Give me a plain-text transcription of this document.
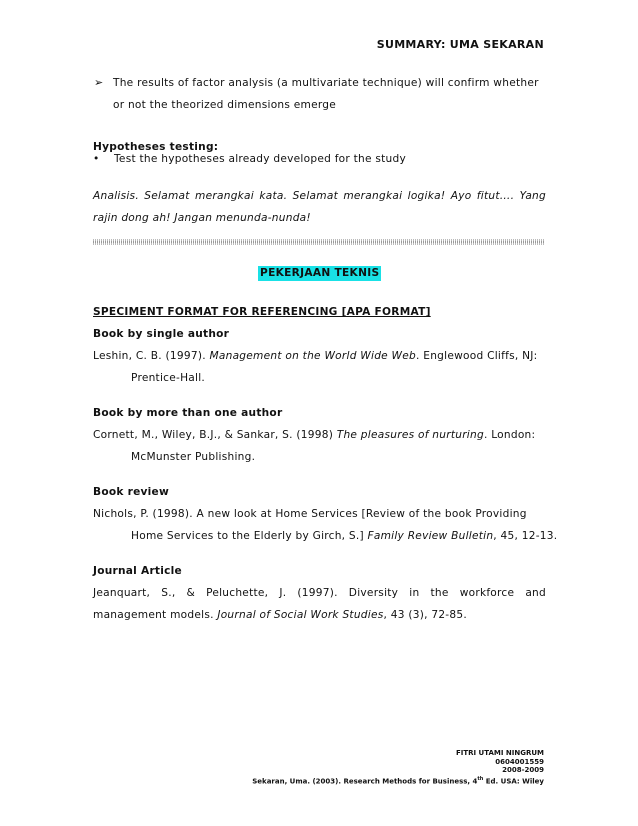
SUMMARY: UMA SEKARAN
➢ The results of factor analysis (a multivariate technique) will confirm whether
or not the theorized dimensions emerge
Hypotheses testing:
• Test the hypotheses already developed for the study
Analisis. Selamat merangkai kata. Selamat merangkai logika! Ayo fitut…. Yang rajin dong ah! Jangan menunda-nunda!
PEKERJAAN TEKNIS
SPECIMENT FORMAT FOR REFERENCING [APA FORMAT]
Book by single author
Leshin, C. B. (1997). Management on the World Wide Web. Englewood Cliffs, NJ:
Prentice-Hall.
Book by more than one author
Cornett, M., Wiley, B.J., & Sankar, S. (1998) The pleasures of nurturing. London:
McMunster Publishing.
Book review
Nichols, P. (1998). A new look at Home Services [Review of the book Providing
Home Services to the Elderly by Girch, S.] Family Review Bulletin, 45, 12-13.
Journal Article
Jeanquart, S., & Peluchette, J. (1997). Diversity in the workforce and management models. Journal of Social Work Studies, 43 (3), 72-85.
FITRI UTAMI NINGRUM
0604001559
2008-2009
Sekaran, Uma. (2003). Research Methods for Business, 4th Ed. USA: Wiley
